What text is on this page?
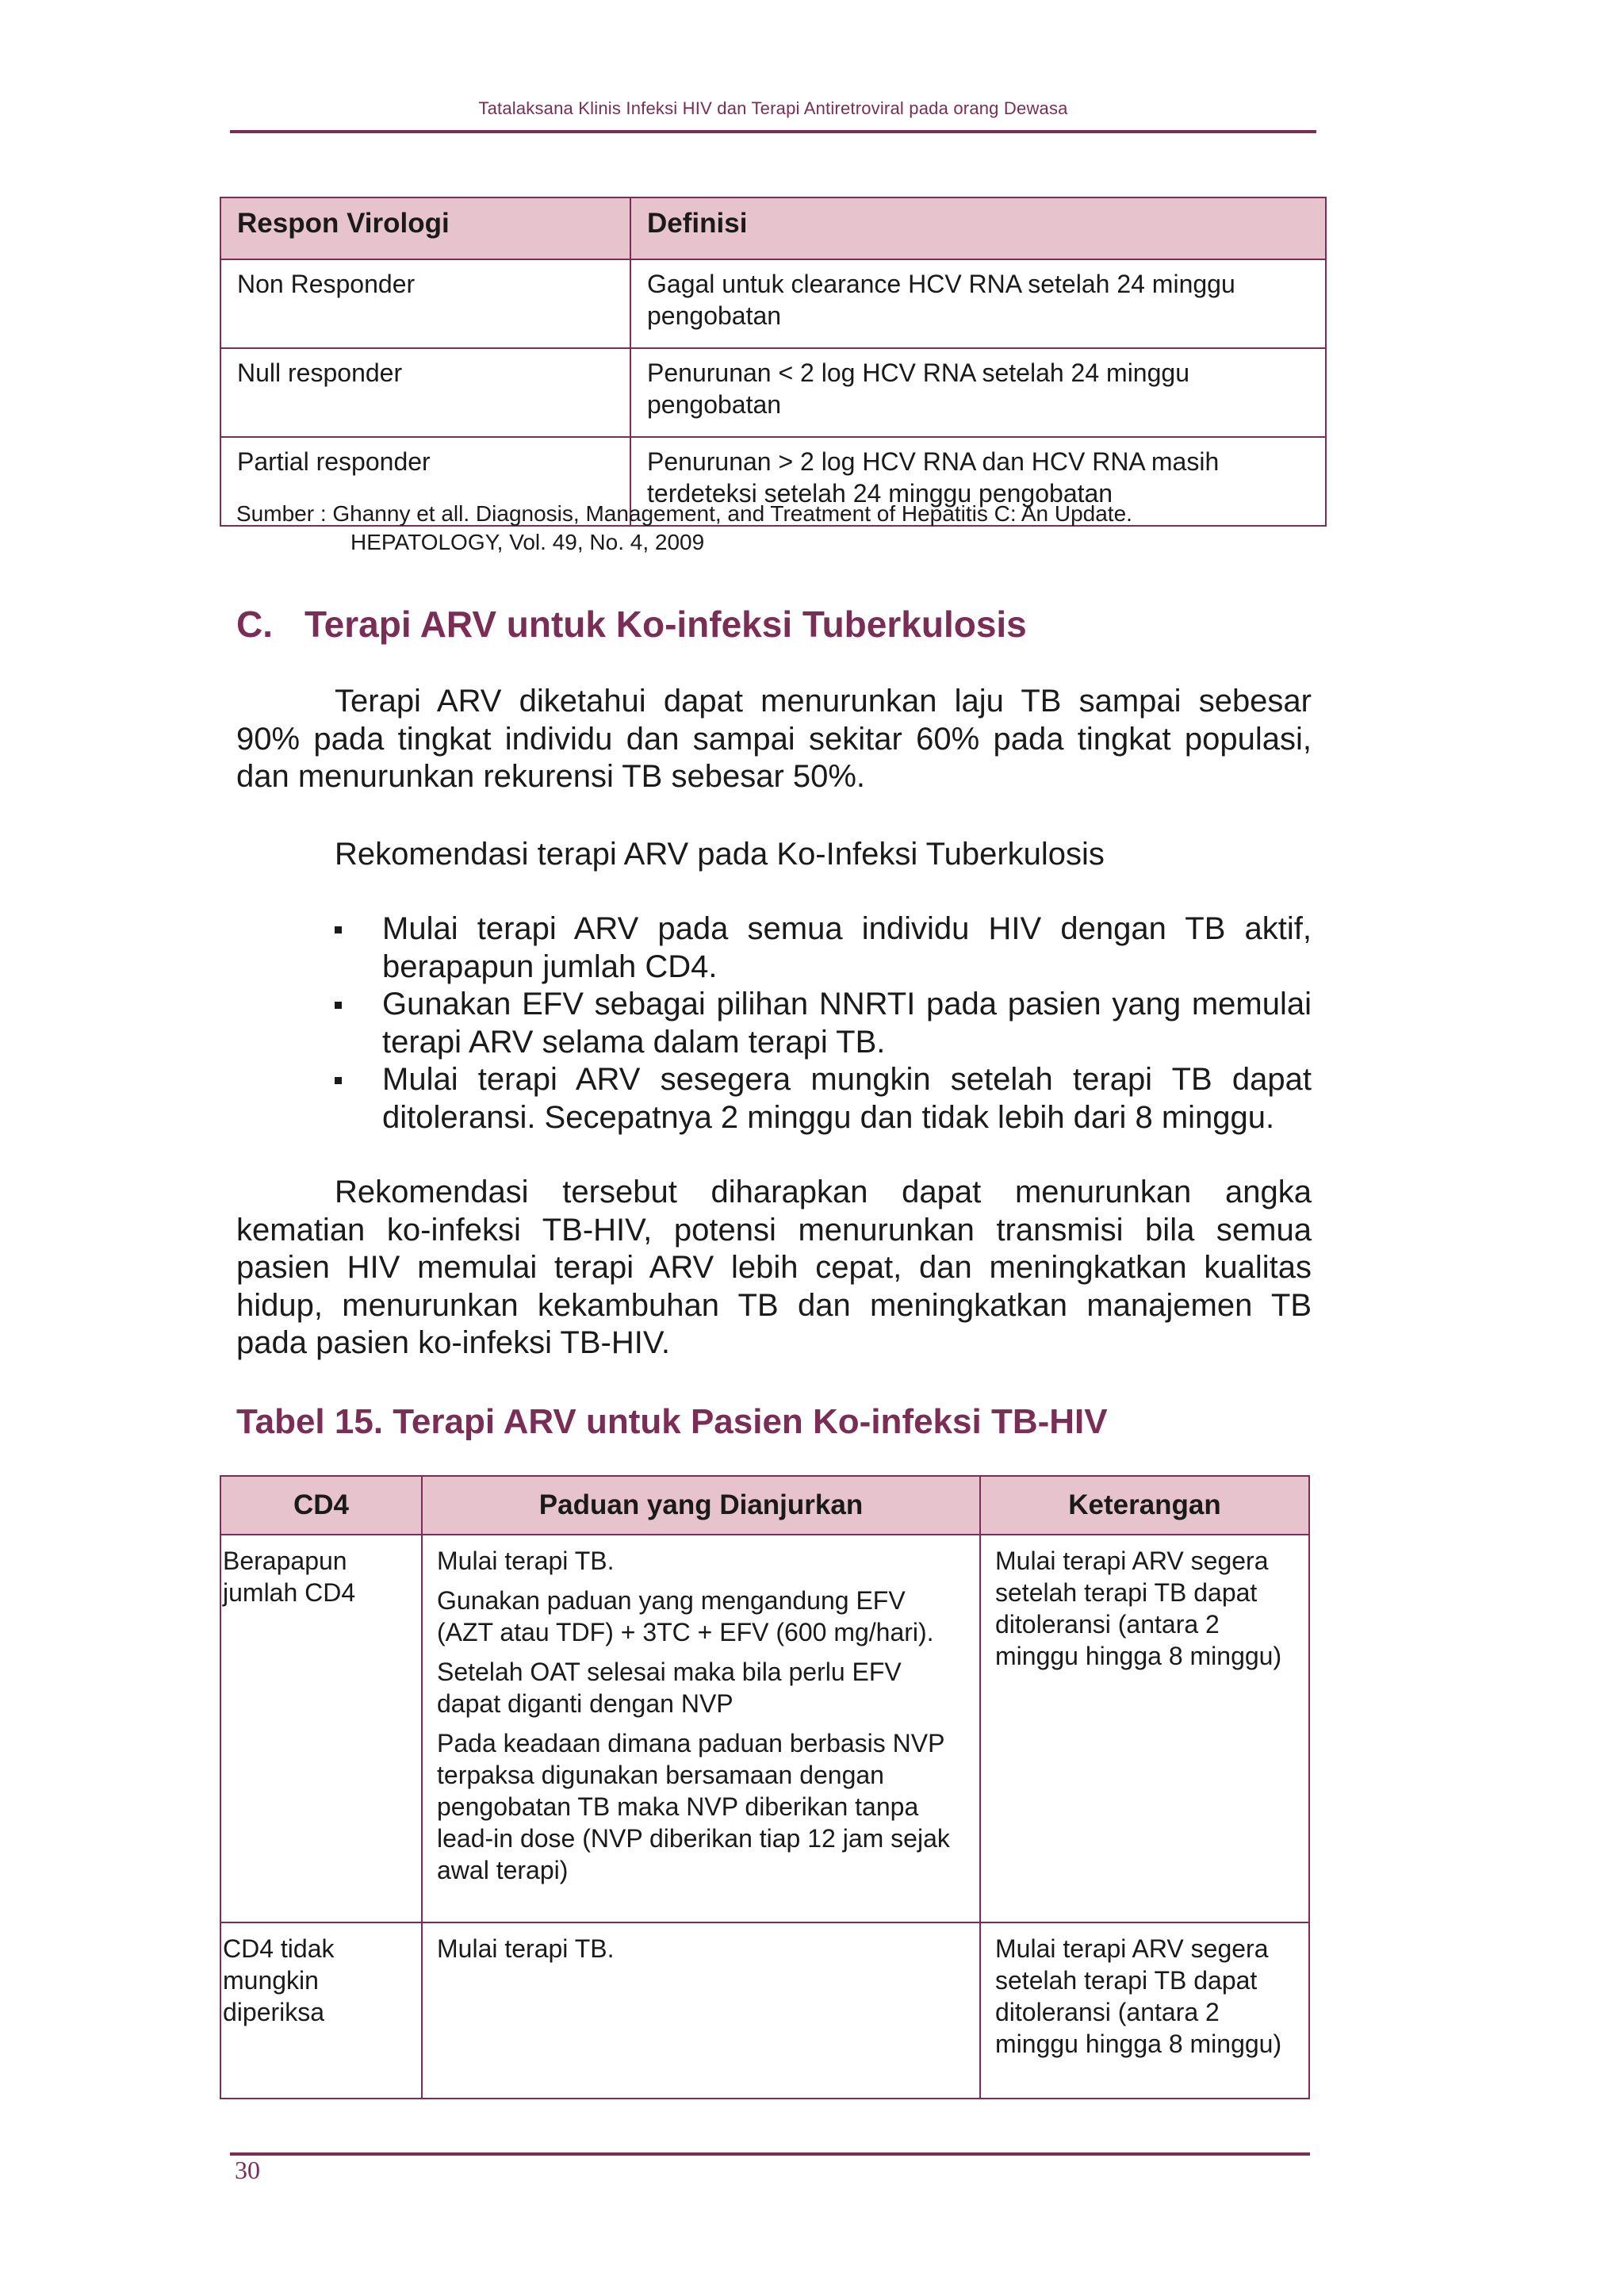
Tatalaksana Klinis Infeksi HIV dan Terapi Antiretroviral pada orang Dewasa
Respon Virologi	Definisi
Non Responder	Gagal untuk clearance HCV RNA setelah 24 minggu pengobatan
Null responder	Penurunan < 2 log HCV RNA setelah 24 minggu pengobatan
Partial responder	Penurunan > 2 log HCV RNA dan HCV RNA masih terdeteksi setelah 24 minggu pengobatan
Sumber : Ghanny et all. Diagnosis, Management, and Treatment of Hepatitis C: An Update.
HEPATOLOGY, Vol. 49, No. 4, 2009
C. Terapi ARV untuk Ko-infeksi Tuberkulosis
Terapi ARV diketahui dapat menurunkan laju TB sampai sebesar 90% pada tingkat individu dan sampai sekitar 60% pada tingkat populasi, dan menurunkan rekurensi TB sebesar 50%.
Rekomendasi terapi ARV pada Ko-Infeksi Tuberkulosis
Mulai terapi ARV pada semua individu HIV dengan TB aktif, berapapun jumlah CD4.
Gunakan EFV sebagai pilihan NNRTI pada pasien yang memulai terapi ARV selama dalam terapi TB.
Mulai terapi ARV sesegera mungkin setelah terapi TB dapat ditoleransi. Secepatnya 2 minggu dan tidak lebih dari 8 minggu.
Rekomendasi tersebut diharapkan dapat menurunkan angka kematian ko-infeksi TB-HIV, potensi menurunkan transmisi bila semua pasien HIV memulai terapi ARV lebih cepat, dan meningkatkan kualitas hidup, menurunkan kekambuhan TB dan meningkatkan manajemen TB pada pasien ko-infeksi TB-HIV.
Tabel 15. Terapi ARV untuk Pasien Ko-infeksi TB-HIV
CD4	Paduan yang Dianjurkan	Keterangan
Berapapun jumlah CD4	Mulai terapi TB.

Gunakan paduan yang mengandung EFV (AZT atau TDF) + 3TC + EFV (600 mg/hari).

Setelah OAT selesai maka bila perlu EFV dapat diganti dengan NVP

Pada keadaan dimana paduan berbasis NVP terpaksa digunakan bersamaan dengan pengobatan TB maka NVP diberikan tanpa lead-in dose (NVP diberikan tiap 12 jam sejak awal terapi)	Mulai terapi ARV segera setelah terapi TB dapat ditoleransi (antara 2 minggu hingga 8 minggu)
CD4 tidak mungkin diperiksa	Mulai terapi TB.	Mulai terapi ARV segera setelah terapi TB dapat ditoleransi (antara 2 minggu hingga 8 minggu)
30
